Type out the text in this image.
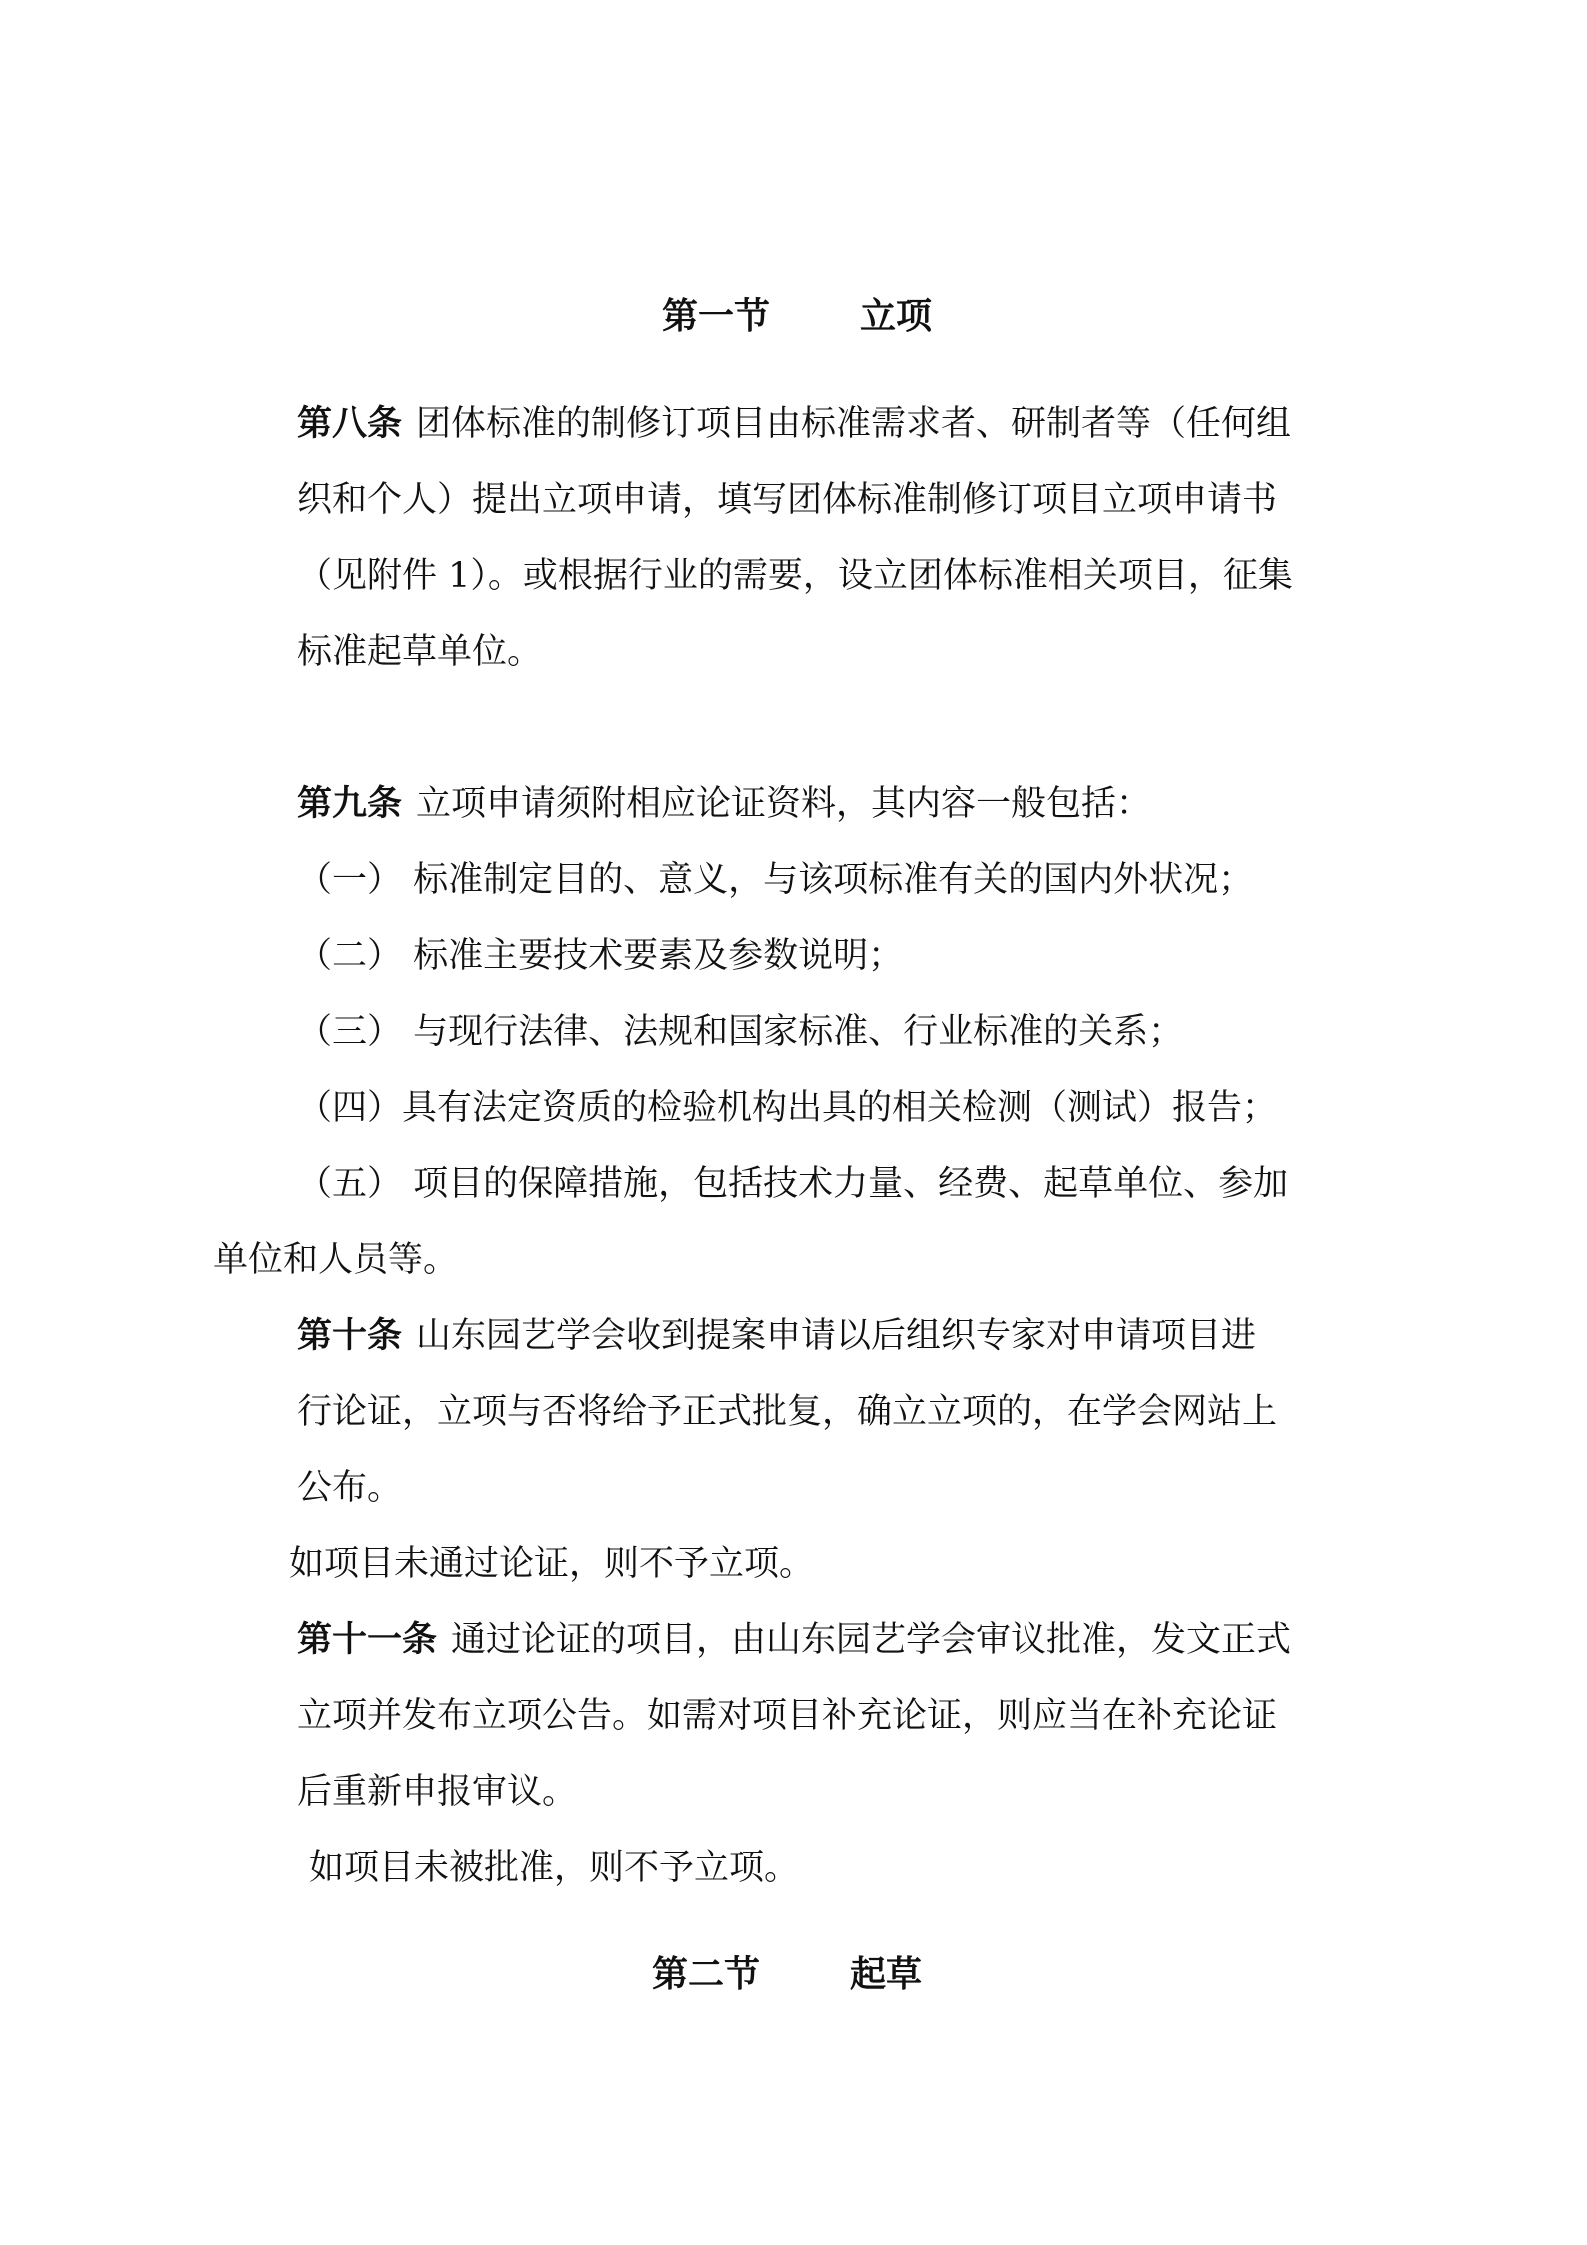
第一节	立项
第八条 团体标准的制修订项目由标准需求者、研制者等（任何组
织和个人）提出立项申请，填写团体标准制修订项目立项申请书
（见附件 1）。或根据行业的需要，设立团体标准相关项目，征集
标准起草单位。
第九条 立项申请须附相应论证资料，其内容一般包括：
（一） 标准制定目的、意义，与该项标准有关的国内外状况；
（二） 标准主要技术要素及参数说明；
（三） 与现行法律、法规和国家标准、行业标准的关系；
（四）具有法定资质的检验机构出具的相关检测（测试）报告；
（五） 项目的保障措施，包括技术力量、经费、起草单位、参加
单位和人员等。
第十条 山东园艺学会收到提案申请以后组织专家对申请项目进
行论证，立项与否将给予正式批复，确立立项的，在学会网站上
公布。
如项目未通过论证，则不予立项。
第十一条 通过论证的项目，由山东园艺学会审议批准，发文正式
立项并发布立项公告。如需对项目补充论证，则应当在补充论证
后重新申报审议。
如项目未被批准，则不予立项。
第二节	起草
